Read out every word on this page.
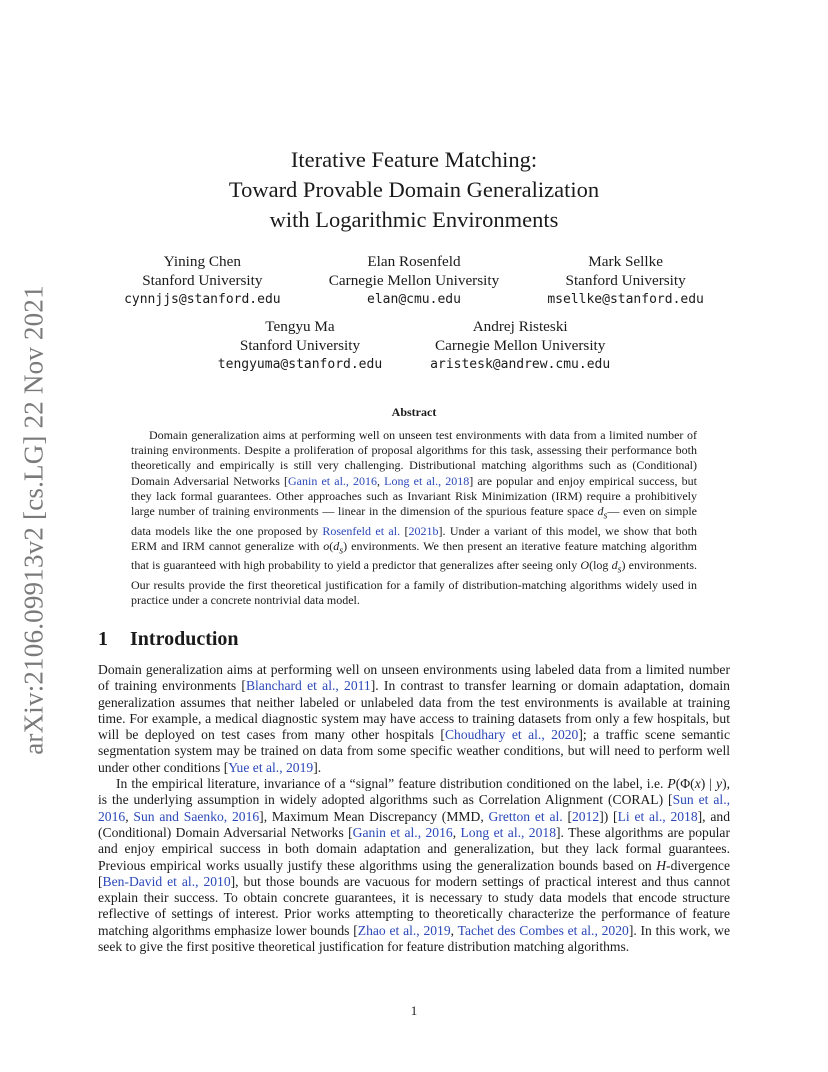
arXiv:2106.09913v2 [cs.LG] 22 Nov 2021
Iterative Feature Matching:
Toward Provable Domain Generalization
with Logarithmic Environments
Yining Chen
Stanford University
cynnjjs@stanford.edu
Elan Rosenfeld
Carnegie Mellon University
elan@cmu.edu
Mark Sellke
Stanford University
msellke@stanford.edu
Tengyu Ma
Stanford University
tengyuma@stanford.edu
Andrej Risteski
Carnegie Mellon University
aristesk@andrew.cmu.edu
Abstract

Domain generalization aims at performing well on unseen test environments with data from a limited number of training environments. Despite a proliferation of proposal algorithms for this task, assessing their performance both theoretically and empirically is still very challenging. Distributional matching algorithms such as (Conditional) Domain Adversarial Networks [Ganin et al., 2016, Long et al., 2018] are popular and enjoy empirical success, but they lack formal guarantees. Other approaches such as Invariant Risk Minimization (IRM) require a prohibitively large number of training environments — linear in the dimension of the spurious feature space $d_s—$ even on simple data models like the one proposed by Rosenfeld et al. [2021b]. Under a variant of this model, we show that both ERM and IRM cannot generalize with $o(d_s)$ environments. We then present an iterative feature matching algorithm that is guaranteed with high probability to yield a predictor that generalizes after seeing only O(log $d_s$) environments. Our results provide the first theoretical justification for a family of distribution-matching algorithms widely used in practice under a concrete nontrivial data model.

1 Introduction

Domain generalization aims at performing well on unseen environments using labeled data from a limited number of training environments [Blanchard et al., 2011]. In contrast to transfer learning or domain adaptation, domain generalization assumes that neither labeled or unlabeled data from the test environments is available at training time. For example, a medical diagnostic system may have access to training datasets from only a few hospitals, but will be deployed on test cases from many other hospitals [Choudhary et al., 2020]; a traffic scene semantic segmentation system may be trained on data from some specific weather conditions, but will need to perform well under other conditions [Yue et al., 2019].

In the empirical literature, invariance of a “signal” feature distribution conditioned on the label, i.e. P(Φ(x) | y), is the underlying assumption in widely adopted algorithms such as Correlation Alignment (CORAL) [Sun et al., 2016, Sun and Saenko, 2016], Maximum Mean Discrepancy (MMD, Gretton et al. [2012]) [Li et al., 2018], and (Conditional) Domain Adversarial Networks [Ganin et al., 2016, Long et al., 2018]. These algorithms are popular and enjoy empirical success in both domain adaptation and generalization, but they lack formal guarantees. Previous empirical works usually justify these algorithms using the generalization bounds based on H-divergence [Ben-David et al., 2010], but those bounds are vacuous for modern settings of practical interest and thus cannot explain their success. To obtain concrete guarantees, it is necessary to study data models that encode structure reflective of settings of interest. Prior works attempting to theoretically characterize the performance of feature matching algorithms emphasize lower bounds [Zhao et al., 2019, Tachet des Combes et al., 2020]. In this work, we seek to give the first positive theoretical justification for feature distribution matching algorithms.

1
